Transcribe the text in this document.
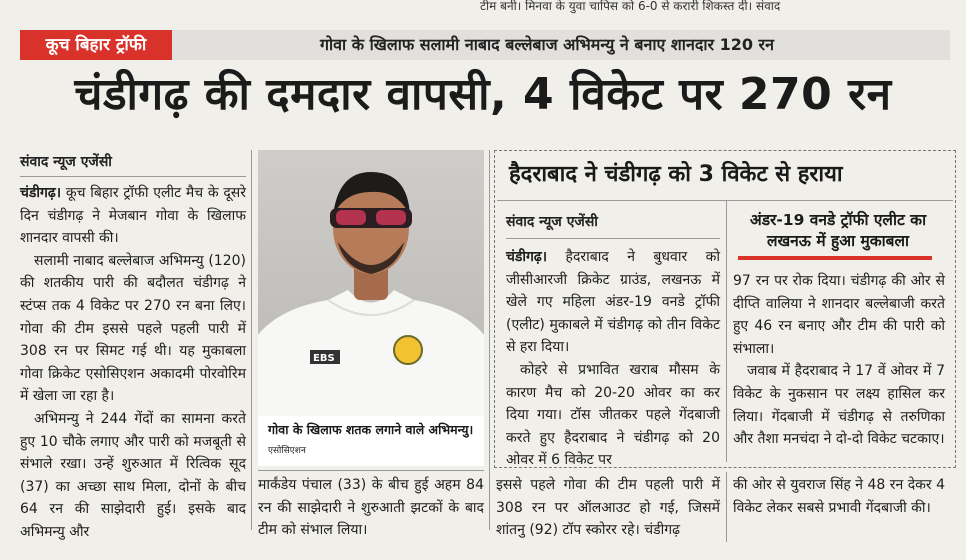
टीम बनी। मिनवा के युवा चापिस को 6-0 से करारी शिकस्त दी। संवाद
कूच बिहार ट्रॉफी	गोवा के खिलाफ सलामी नाबाद बल्लेबाज अभिमन्यु ने बनाए शानदार 120 रन
चंडीगढ़ की दमदार वापसी, 4 विकेट पर 270 रन
संवाद न्यूज एजेंसी

चंडीगढ़। कूच बिहार ट्रॉफी एलीट मैच के दूसरे दिन चंडीगढ़ ने मेजबान गोवा के खिलाफ शानदार वापसी की।

सलामी नाबाद बल्लेबाज अभिमन्यु (120) की शतकीय पारी की बदौलत चंडीगढ़ ने स्टंप्स तक 4 विकेट पर 270 रन बना लिए। गोवा की टीम इससे पहले पहली पारी में 308 रन पर सिमट गई थी। यह मुकाबला गोवा क्रिकेट एसोसिएशन अकादमी पोरवोरिम में खेला जा रहा है।

अभिमन्यु ने 244 गेंदों का सामना करते हुए 10 चौके लगाए और पारी को मजबूती से संभाले रखा। उन्हें शुरुआत में रित्विक सूद (37) का अच्छा साथ मिला, दोनों के बीच 64 रन की साझेदारी हुई। इसके बाद अभिमन्यु और

EBS
गोवा के खिलाफ शतक लगाने वाले अभिमन्यु। एसोसिएशन

मार्कंडेय पंचाल (33) के बीच हुई अहम 84 रन की साझेदारी ने शुरुआती झटकों के बाद टीम को संभाल लिया।

हैदराबाद ने चंडीगढ़ को 3 विकेट से हराया
संवाद न्यूज एजेंसी

चंडीगढ़। हैदराबाद ने बुधवार को जीसीआरजी क्रिकेट ग्राउंड, लखनऊ में खेले गए महिला अंडर-19 वनडे ट्रॉफी (एलीट) मुकाबले में चंडीगढ़ को तीन विकेट से हरा दिया।

कोहरे से प्रभावित खराब मौसम के कारण मैच को 20-20 ओवर का कर दिया गया। टॉस जीतकर पहले गेंदबाजी करते हुए हैदराबाद ने चंडीगढ़ को 20 ओवर में 6 विकेट पर

अंडर-19 वनडे ट्रॉफी एलीट का लखनऊ में हुआ मुकाबला

97 रन पर रोक दिया। चंडीगढ़ की ओर से दीप्ति वालिया ने शानदार बल्लेबाजी करते हुए 46 रन बनाए और टीम की पारी को संभाला।

जवाब में हैदराबाद ने 17 वें ओवर में 7 विकेट के नुकसान पर लक्ष्य हासिल कर लिया। गेंदबाजी में चंडीगढ़ से तरुणिका और तैशा मनचंदा ने दो-दो विकेट चटकाए।

इससे पहले गोवा की टीम पहली पारी में 308 रन पर ऑलआउट हो गई, जिसमें शांतनु (92) टॉप स्कोरर रहे। चंडीगढ़

की ओर से युवराज सिंह ने 48 रन देकर 4 विकेट लेकर सबसे प्रभावी गेंदबाजी की।
